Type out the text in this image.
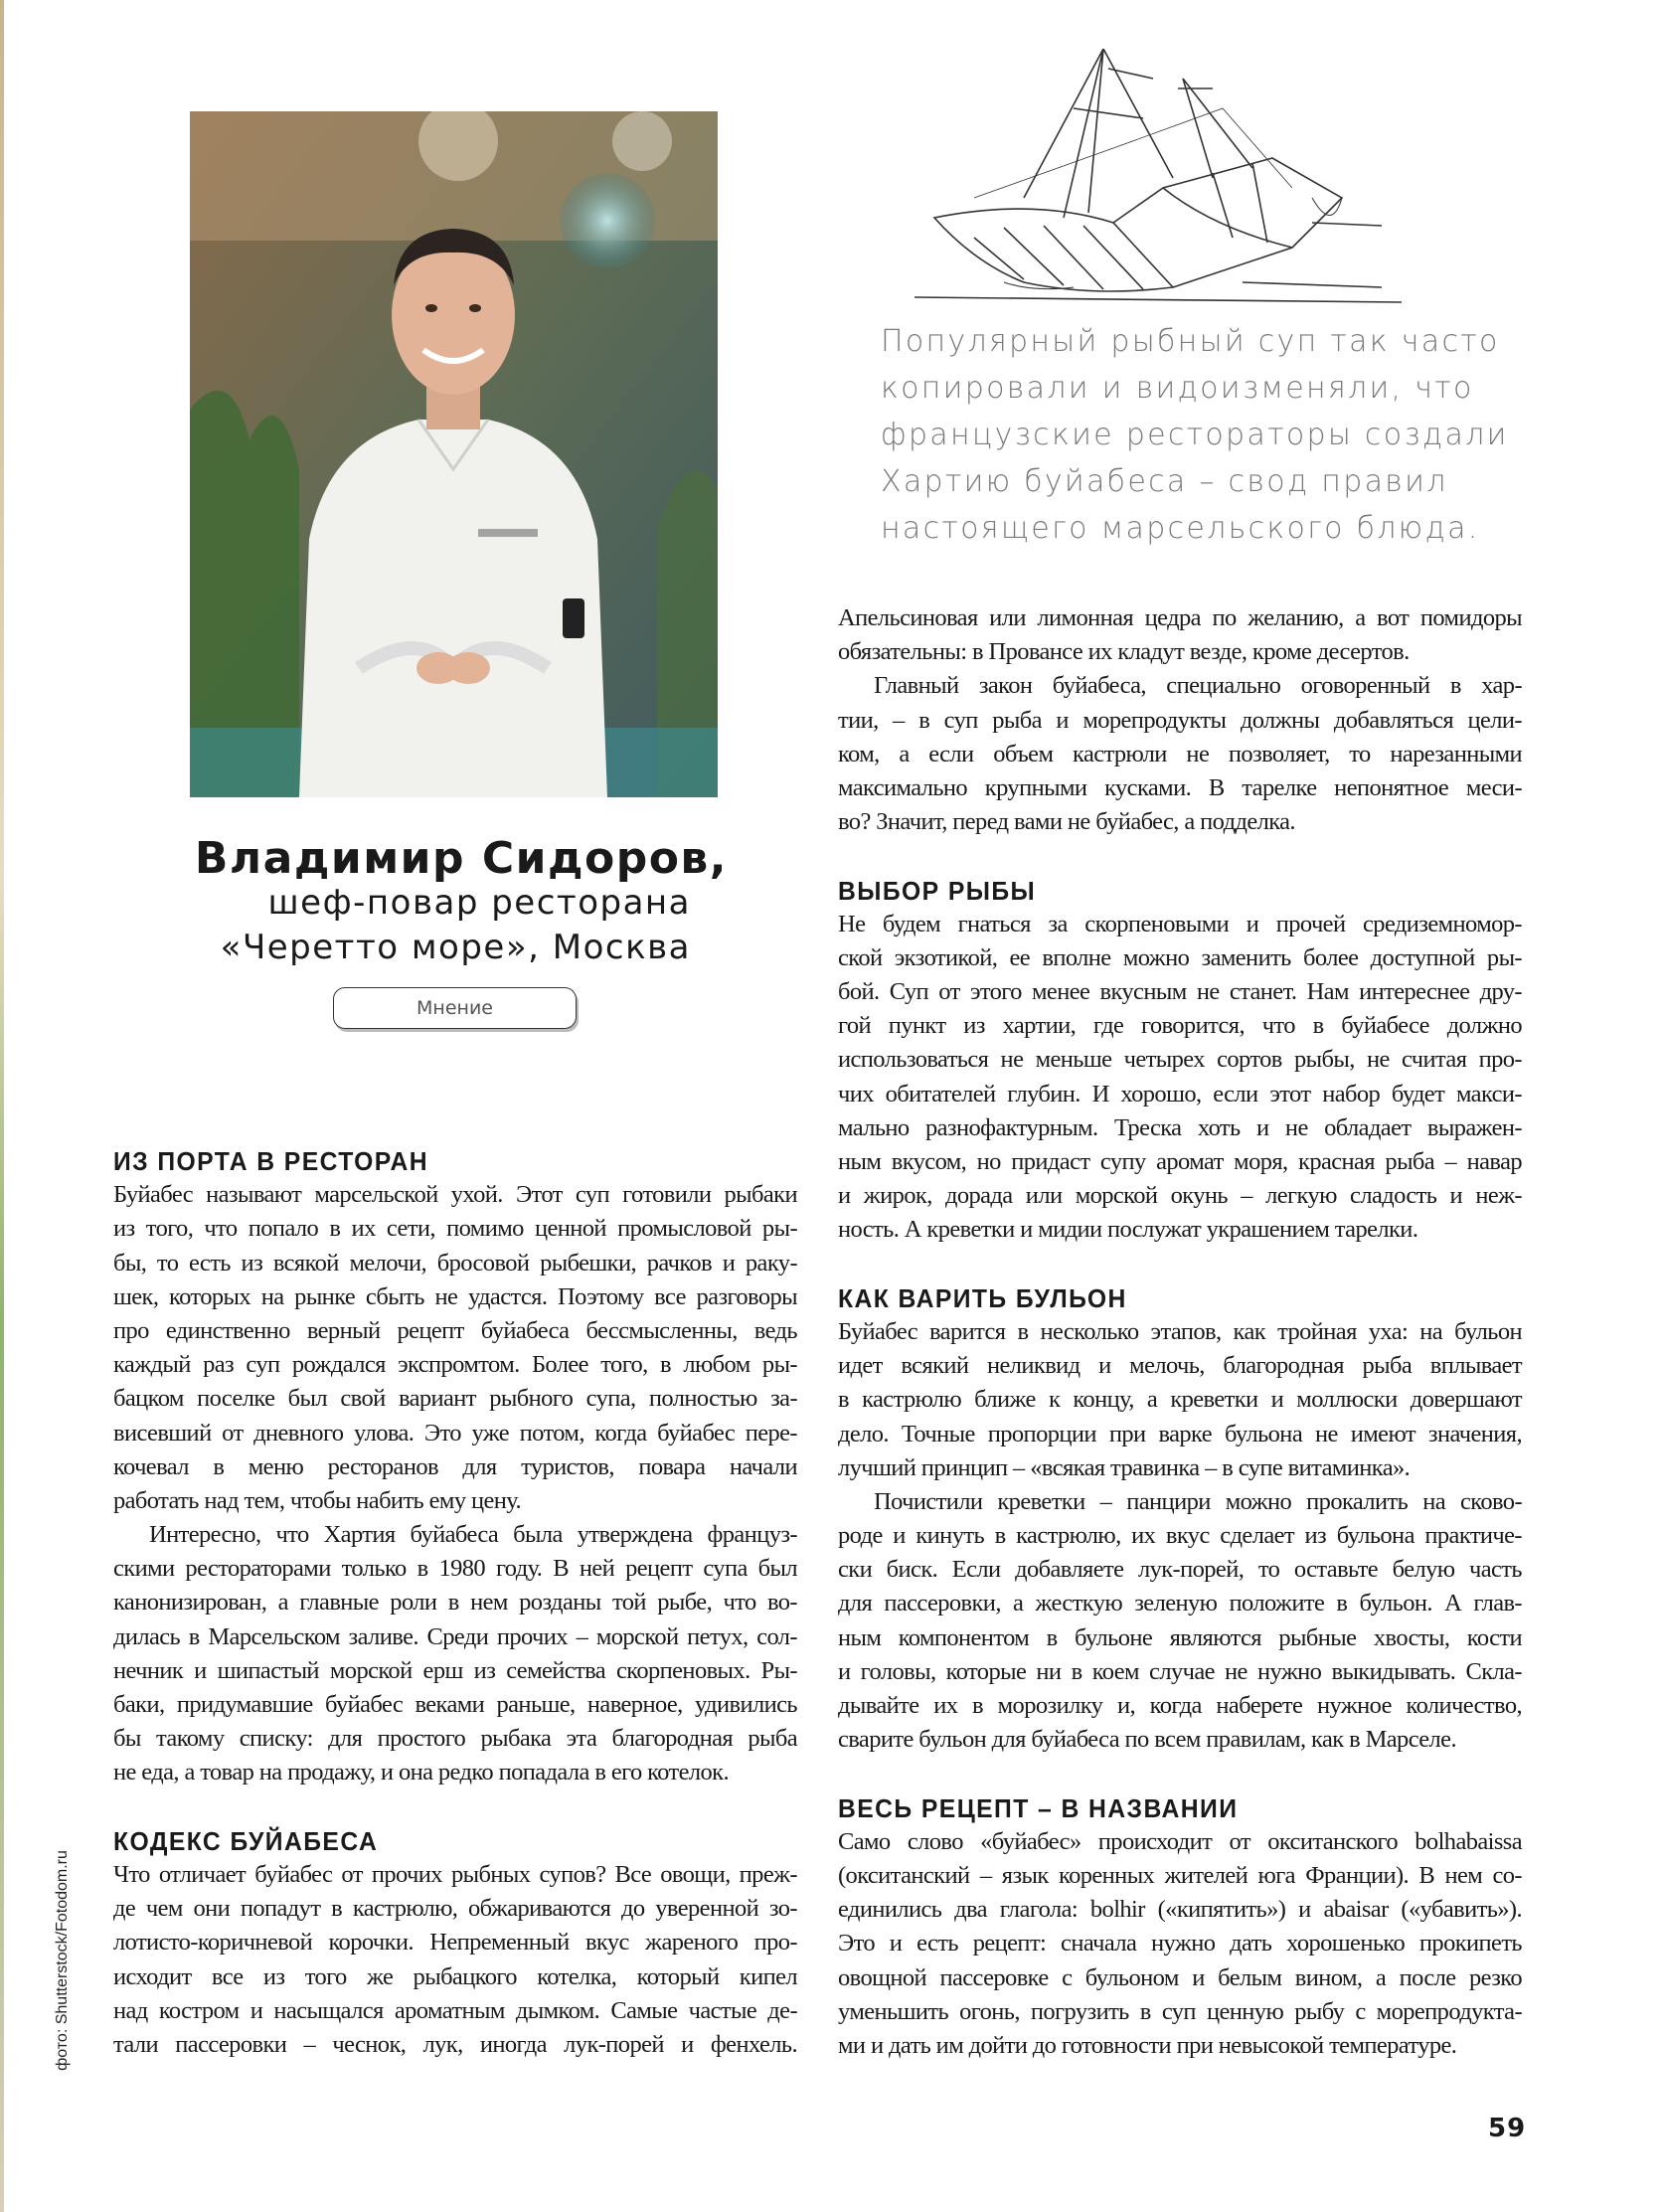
Владимир Сидоров,
шеф-повар ресторана
«Черетто море», Москва
Мнение
Популярный рыбный суп так часто
копировали и видоизменяли, что
французские рестораторы создали
Хартию буйабеса – свод правил
настоящего марсельского блюда.
ИЗ ПОРТА В РЕСТОРАН
Буйабес называют марсельской ухой. Этот суп готовили рыбаки
из того, что попало в их сети, помимо ценной промысловой ры-
бы, то есть из всякой мелочи, бросовой рыбешки, рачков и раку-
шек, которых на рынке сбыть не удастся. Поэтому все разговоры
про единственно верный рецепт буйабеса бессмысленны, ведь
каждый раз суп рождался экспромтом. Более того, в любом ры-
бацком поселке был свой вариант рыбного супа, полностью за-
висевший от дневного улова. Это уже потом, когда буйабес пере-
кочевал в меню ресторанов для туристов, повара начали
работать над тем, чтобы набить ему цену.
Интересно, что Хартия буйабеса была утверждена француз-
скими рестораторами только в 1980 году. В ней рецепт супа был
канонизирован, а главные роли в нем розданы той рыбе, что во-
дилась в Марсельском заливе. Среди прочих – морской петух, сол-
нечник и шипастый морской ерш из семейства скорпеновых. Ры-
баки, придумавшие буйабес веками раньше, наверное, удивились
бы такому списку: для простого рыбака эта благородная рыба
не еда, а товар на продажу, и она редко попадала в его котелок.
КОДЕКС БУЙАБЕСА
Что отличает буйабес от прочих рыбных супов? Все овощи, преж-
де чем они попадут в кастрюлю, обжариваются до уверенной зо-
лотисто-коричневой корочки. Непременный вкус жареного про-
исходит все из того же рыбацкого котелка, который кипел
над костром и насыщался ароматным дымком. Самые частые де-
тали пассеровки – чеснок, лук, иногда лук-порей и фенхель.
Апельсиновая или лимонная цедра по желанию, а вот помидоры
обязательны: в Провансе их кладут везде, кроме десертов.
Главный закон буйабеса, специально оговоренный в хар-
тии, – в суп рыба и морепродукты должны добавляться цели-
ком, а если объем кастрюли не позволяет, то нарезанными
максимально крупными кусками. В тарелке непонятное меси-
во? Значит, перед вами не буйабес, а подделка.
ВЫБОР РЫБЫ
Не будем гнаться за скорпеновыми и прочей средиземномор-
ской экзотикой, ее вполне можно заменить более доступной ры-
бой. Суп от этого менее вкусным не станет. Нам интереснее дру-
гой пункт из хартии, где говорится, что в буйабесе должно
использоваться не меньше четырех сортов рыбы, не считая про-
чих обитателей глубин. И хорошо, если этот набор будет макси-
мально разнофактурным. Треска хоть и не обладает выражен-
ным вкусом, но придаст супу аромат моря, красная рыба – навар
и жирок, дорада или морской окунь – легкую сладость и неж-
ность. А креветки и мидии послужат украшением тарелки.
КАК ВАРИТЬ БУЛЬОН
Буйабес варится в несколько этапов, как тройная уха: на бульон
идет всякий неликвид и мелочь, благородная рыба вплывает
в кастрюлю ближе к концу, а креветки и моллюски довершают
дело. Точные пропорции при варке бульона не имеют значения,
лучший принцип – «всякая травинка – в супе витаминка».
Почистили креветки – панцири можно прокалить на сково-
роде и кинуть в кастрюлю, их вкус сделает из бульона практиче-
ски биск. Если добавляете лук-порей, то оставьте белую часть
для пассеровки, а жесткую зеленую положите в бульон. А глав-
ным компонентом в бульоне являются рыбные хвосты, кости
и головы, которые ни в коем случае не нужно выкидывать. Скла-
дывайте их в морозилку и, когда наберете нужное количество,
сварите бульон для буйабеса по всем правилам, как в Марселе.
ВЕСЬ РЕЦЕПТ – В НАЗВАНИИ
Само слово «буйабес» происходит от окситанского bolhabaissa
(окситанский – язык коренных жителей юга Франции). В нем со-
единились два глагола: bolhir («кипятить») и abaisar («убавить»).
Это и есть рецепт: сначала нужно дать хорошенько прокипеть
овощной пассеровке с бульоном и белым вином, а после резко
уменьшить огонь, погрузить в суп ценную рыбу с морепродукта-
ми и дать им дойти до готовности при невысокой температуре.
59
фото: Shutterstock/Fotodom.ru
